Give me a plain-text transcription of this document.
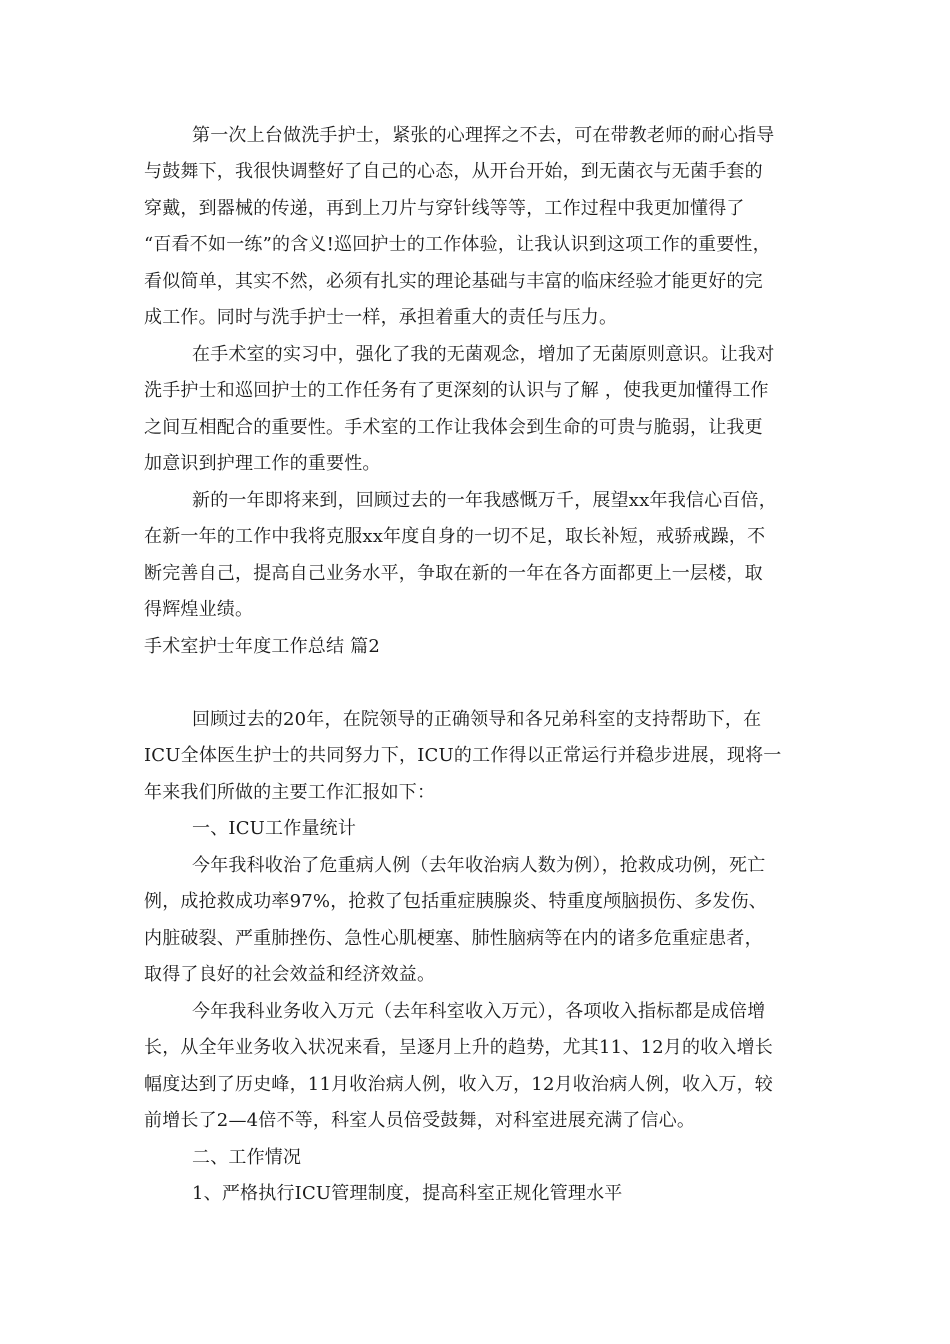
第一次上台做洗手护士，紧张的心理挥之不去，可在带教老师的耐心指导
与鼓舞下，我很快调整好了自己的心态，从开台开始，到无菌衣与无菌手套的
穿戴，到器械的传递，再到上刀片与穿针线等等，工作过程中我更加懂得了
“百看不如一练”的含义!巡回护士的工作体验，让我认识到这项工作的重要性，
看似简单，其实不然，必须有扎实的理论基础与丰富的临床经验才能更好的完
成工作。同时与洗手护士一样，承担着重大的责任与压力。
在手术室的实习中，强化了我的无菌观念，增加了无菌原则意识。让我对
洗手护士和巡回护士的工作任务有了更深刻的认识与了解 ，使我更加懂得工作
之间互相配合的重要性。手术室的工作让我体会到生命的可贵与脆弱，让我更
加意识到护理工作的重要性。
新的一年即将来到，回顾过去的一年我感慨万千，展望xx年我信心百倍，
在新一年的工作中我将克服xx年度自身的一切不足，取长补短，戒骄戒躁，不
断完善自己，提高自己业务水平，争取在新的一年在各方面都更上一层楼，取
得辉煌业绩。
手术室护士年度工作总结 篇2
回顾过去的20年，在院领导的正确领导和各兄弟科室的支持帮助下，在
ICU全体医生护士的共同努力下，ICU的工作得以正常运行并稳步进展，现将一
年来我们所做的主要工作汇报如下：
一、ICU工作量统计
今年我科收治了危重病人例（去年收治病人数为例），抢救成功例，死亡
例，成抢救成功率97%，抢救了包括重症胰腺炎、特重度颅脑损伤、多发伤、
内脏破裂、严重肺挫伤、急性心肌梗塞、肺性脑病等在内的诸多危重症患者，
取得了良好的社会效益和经济效益。
今年我科业务收入万元（去年科室收入万元），各项收入指标都是成倍增
长，从全年业务收入状况来看，呈逐月上升的趋势，尤其11、12月的收入增长
幅度达到了历史峰，11月收治病人例，收入万，12月收治病人例，收入万，较
前增长了2—4倍不等，科室人员倍受鼓舞，对科室进展充满了信心。
二、工作情况
1、严格执行ICU管理制度，提高科室正规化管理水平
